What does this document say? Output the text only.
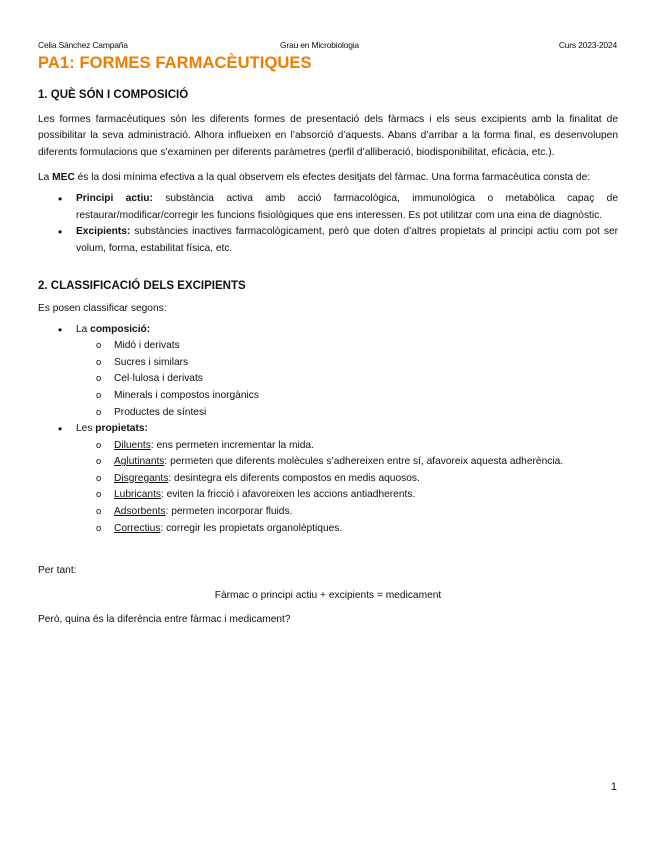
Celia Sánchez Campaña	Grau en Microbiologia	Curs 2023-2024
PA1: FORMES FARMACÈUTIQUES
1. QUÈ SÓN I COMPOSICIÓ

Les formes farmacèutiques són les diferents formes de presentació dels fàrmacs i els seus excipients amb la finalitat de possibilitar la seva administració. Alhora influeixen en l’absorció d’aquests. Abans d’arribar a la forma final, es desenvolupen diferents formulacions que s’examinen per diferents paràmetres (perfil d’alliberació, biodisponibilitat, eficàcia, etc.).

La MEC és la dosi mínima efectiva a la qual observem els efectes desitjats del fàrmac. Una forma farmacèutica consta de:

• Principi actiu: substància activa amb acció farmacològica, immunològica o metabòlica capaç de restaurar/modificar/corregir les funcions fisiològiques que ens interessen. Es pot utilitzar com una eina de diagnòstic.
• Excipients: substàncies inactives farmacològicament, però que doten d’altres propietats al principi actiu com pot ser volum, forma, estabilitat física, etc.
2. CLASSIFICACIÓ DELS EXCIPIENTS

Es posen classificar segons:

• La composició:
o Midó i derivats
o Sucres i similars
o Cel·lulosa i derivats
o Minerals i compostos inorgànics
o Productes de síntesi
• Les propietats:
o Diluents: ens permeten incrementar la mida.
o Aglutinants: permeten que diferents molècules s’adhereixen entre sí, afavoreix aquesta adherència.
o Disgregants: desintegra els diferents compostos en medis aquosos.
o Lubricants: eviten la fricció i afavoreixen les accions antiadherents.
o Adsorbents: permeten incorporar fluids.
o Correctius: corregir les propietats organolèptiques.

Per tant:

Fàrmac o principi actiu + excipients = medicament

Però, quina és la diferència entre fàrmac i medicament?

1
